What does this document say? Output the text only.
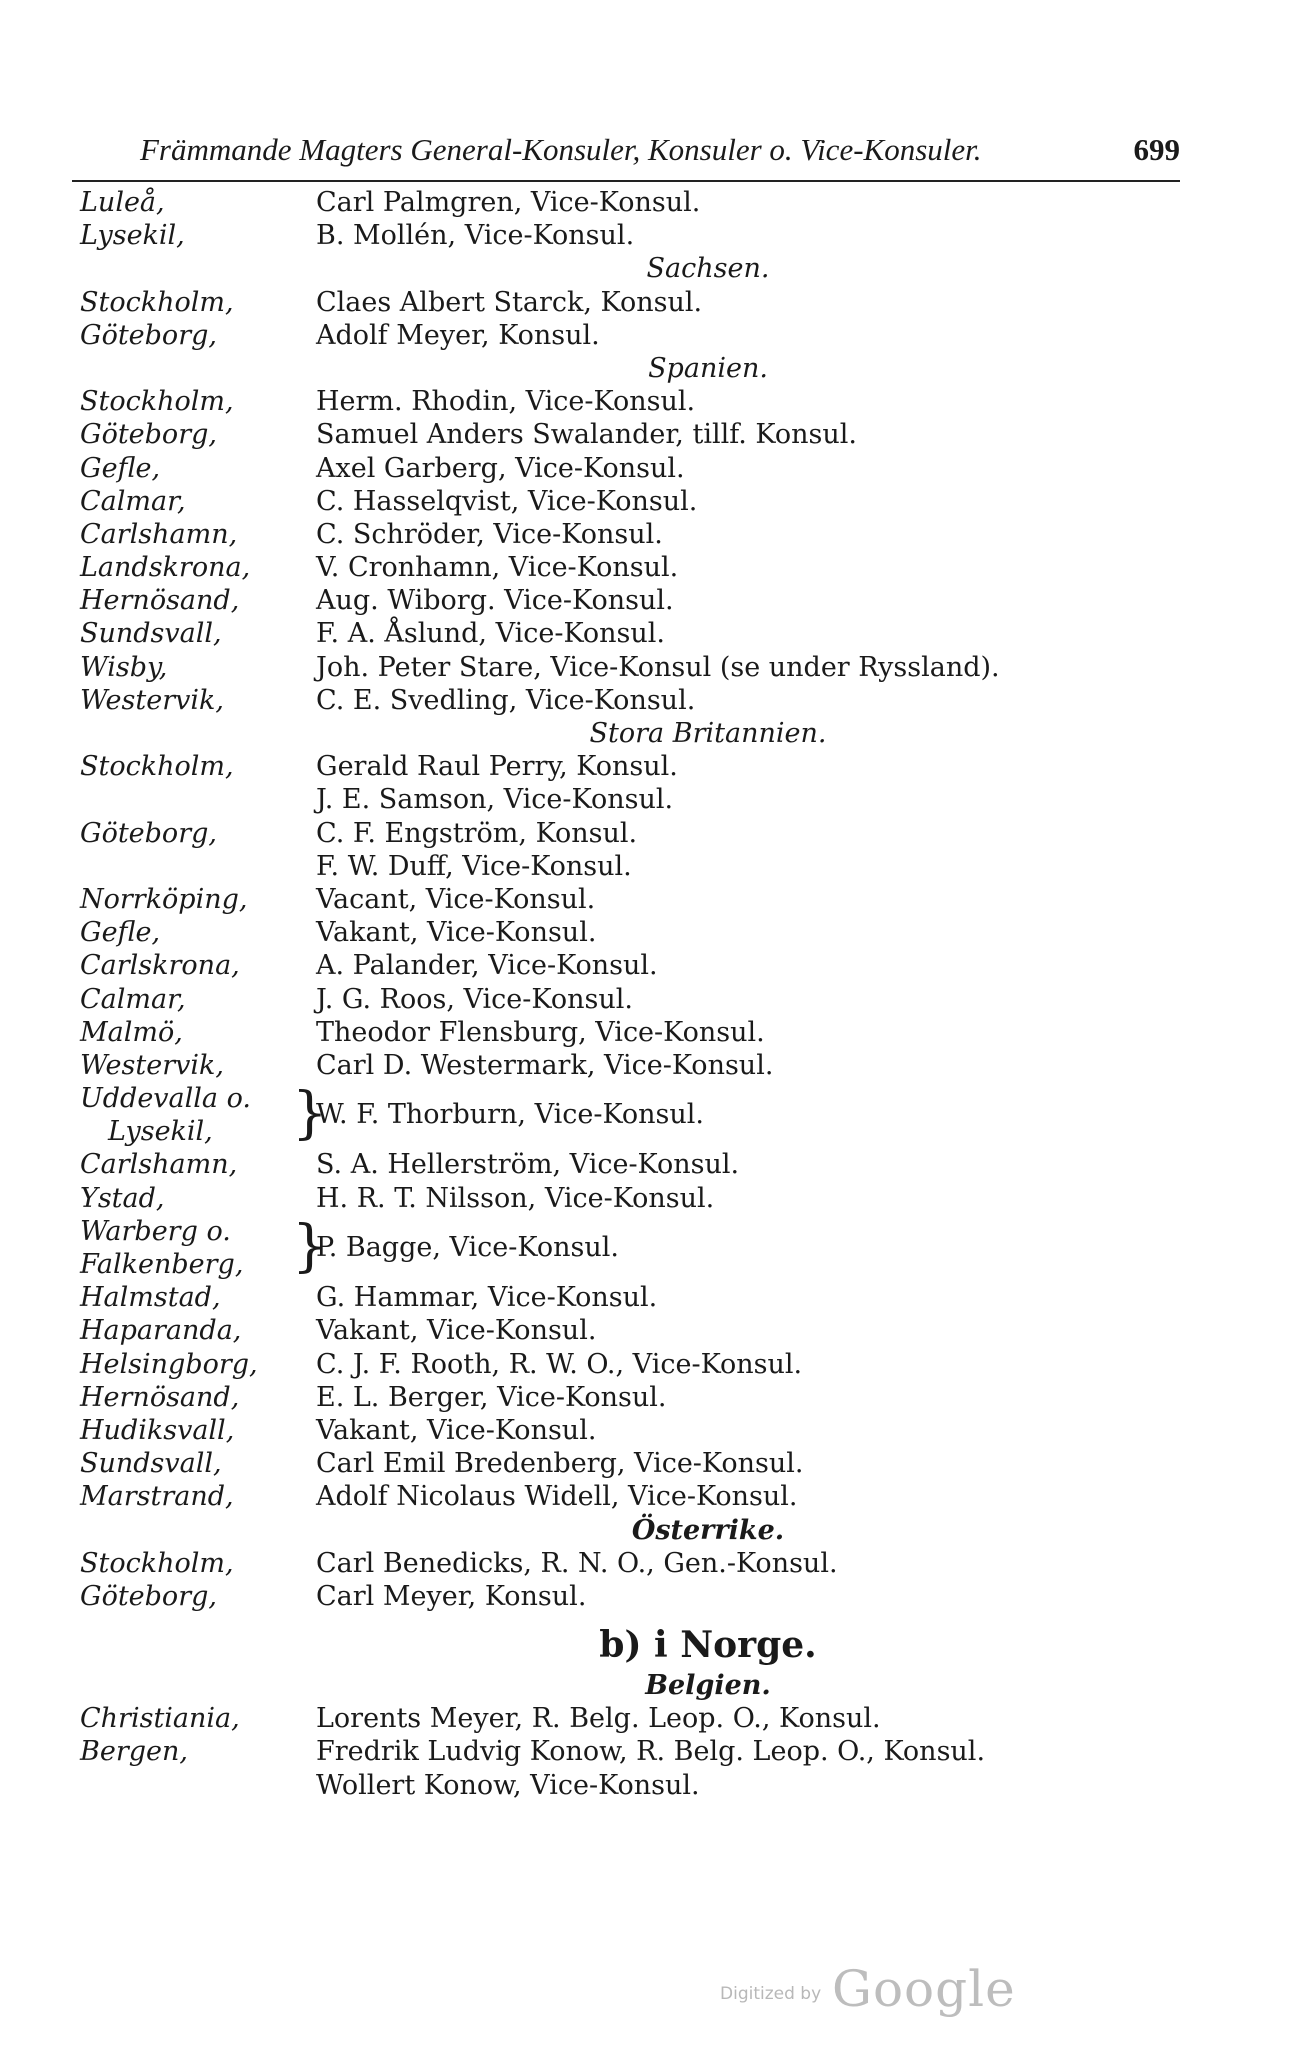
Främmande Magters General-Konsuler, Konsuler o. Vice-Konsuler.	699
Luleå,	Carl Palmgren, Vice-Konsul.
Lysekil,	B. Mollén, Vice-Konsul.
Sachsen.
Stockholm,	Claes Albert Starck, Konsul.
Göteborg,	Adolf Meyer, Konsul.
Spanien.
Stockholm,	Herm. Rhodin, Vice-Konsul.
Göteborg,	Samuel Anders Swalander, tillf. Konsul.
Gefle,	Axel Garberg, Vice-Konsul.
Calmar,	C. Hasselqvist, Vice-Konsul.
Carlshamn,	C. Schröder, Vice-Konsul.
Landskrona, V. Cronhamn, Vice-Konsul.
Hernösand,	Aug. Wiborg. Vice-Konsul.
Sundsvall,	F. A. Åslund, Vice-Konsul.
Wisby,	Joh. Peter Stare, Vice-Konsul (se under Ryssland).
Westervik,	C. E. Svedling, Vice-Konsul.
Stora Britannien.
Stockholm,	Gerald Raul Perry, Konsul.
J. E. Samson, Vice-Konsul.
Göteborg,	C. F. Engström, Konsul.
F. W. Duff, Vice-Konsul.
Norrköping,	Vacant, Vice-Konsul.
Gefle,	Vakant, Vice-Konsul.
Carlskrona,	A. Palander, Vice-Konsul.
Calmar,	J. G. Roos, Vice-Konsul.
Malmö,	Theodor Flensburg, Vice-Konsul.
Westervik,	Carl D. Westermark, Vice-Konsul.
Uddevalla o.
Lysekil, }
W. F. Thorburn, Vice-Konsul.
Carlshamn,	S. A. Hellerström, Vice-Konsul.
Ystad,	H. R. T. Nilsson, Vice-Konsul.
Warberg o.
Falkenberg, }
P. Bagge, Vice-Konsul.
Halmstad,	G. Hammar, Vice-Konsul.
Haparanda,	Vakant, Vice-Konsul.
Helsingborg, C. J. F. Rooth, R. W. O., Vice-Konsul.
Hernösand,	E. L. Berger, Vice-Konsul.
Hudiksvall,	Vakant, Vice-Konsul.
Sundsvall,	Carl Emil Bredenberg, Vice-Konsul.
Marstrand,	Adolf Nicolaus Widell, Vice-Konsul.
Österrike.
Stockholm,	Carl Benedicks, R. N. O., Gen.-Konsul.
Göteborg,	Carl Meyer, Konsul.
b) i Norge.
Belgien.
Christiania,	Lorents Meyer, R. Belg. Leop. O., Konsul.
Bergen,	Fredrik Ludvig Konow, R. Belg. Leop. O., Konsul.
Wollert Konow, Vice-Konsul.
Digitized by Google
